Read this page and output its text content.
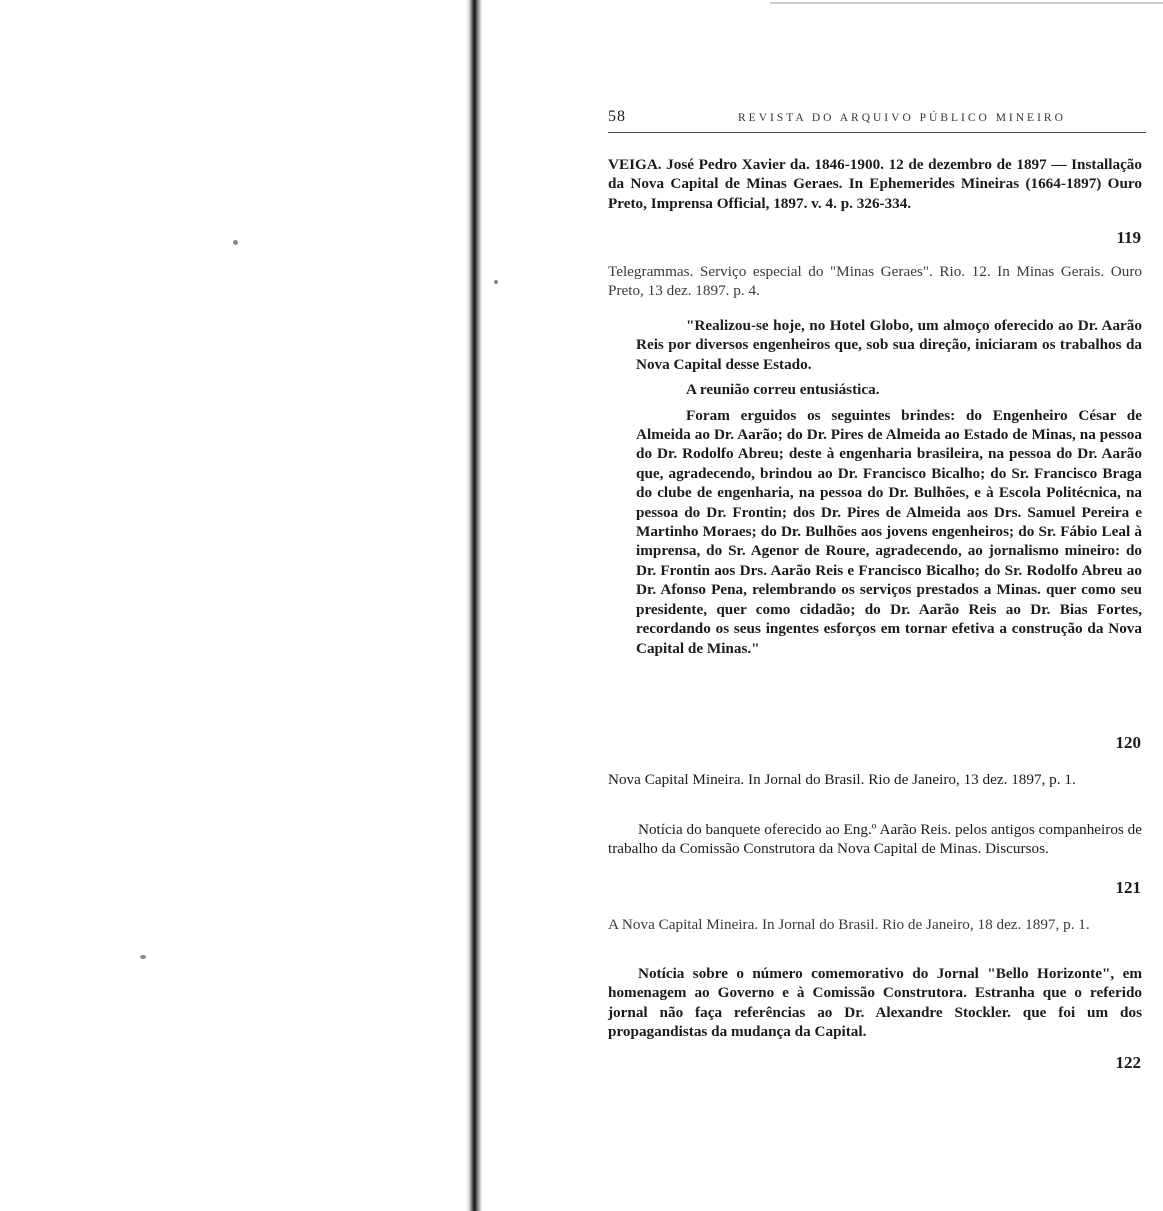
58	REVISTA DO ARQUIVO PÚBLICO MINEIRO
VEIGA. José Pedro Xavier da. 1846-1900. 12 de dezembro de 1897 — Installação da Nova Capital de Minas Geraes. In Ephemerides Mineiras (1664-1897) Ouro Preto, Imprensa Official, 1897. v. 4. p. 326-334.
119
Telegrammas. Serviço especial do "Minas Geraes". Rio. 12. In Minas Gerais. Ouro Preto, 13 dez. 1897. p. 4.

"Realizou-se hoje, no Hotel Globo, um almoço oferecido ao Dr. Aarão Reis por diversos engenheiros que, sob sua direção, iniciaram os trabalhos da Nova Capital desse Estado.

A reunião correu entusiástica.

Foram erguidos os seguintes brindes: do Engenheiro César de Almeida ao Dr. Aarão; do Dr. Pires de Almeida ao Estado de Minas, na pessoa do Dr. Rodolfo Abreu; deste à engenharia brasileira, na pessoa do Dr. Aarão que, agradecendo, brindou ao Dr. Francisco Bicalho; do Sr. Francisco Braga do clube de engenharia, na pessoa do Dr. Bulhões, e à Escola Politécnica, na pessoa do Dr. Frontin; dos Dr. Pires de Almeida aos Drs. Samuel Pereira e Martinho Moraes; do Dr. Bulhões aos jovens engenheiros; do Sr. Fábio Leal à imprensa, do Sr. Agenor de Roure, agradecendo, ao jornalismo mineiro: do Dr. Frontin aos Drs. Aarão Reis e Francisco Bicalho; do Sr. Rodolfo Abreu ao Dr. Afonso Pena, relembrando os serviços prestados a Minas. quer como seu presidente, quer como cidadão; do Dr. Aarão Reis ao Dr. Bias Fortes, recordando os seus ingentes esforços em tornar efetiva a construção da Nova Capital de Minas."

120
Nova Capital Mineira. In Jornal do Brasil. Rio de Janeiro, 13 dez. 1897, p. 1.
Notícia do banquete oferecido ao Eng.º Aarão Reis. pelos antigos companheiros de trabalho da Comissão Construtora da Nova Capital de Minas. Discursos.
121
A Nova Capital Mineira. In Jornal do Brasil. Rio de Janeiro, 18 dez. 1897, p. 1.
Notícia sobre o número comemorativo do Jornal "Bello Horizonte", em homenagem ao Governo e à Comissão Construtora. Estranha que o referido jornal não faça referências ao Dr. Alexandre Stockler. que foi um dos propagandistas da mudança da Capital.
122
